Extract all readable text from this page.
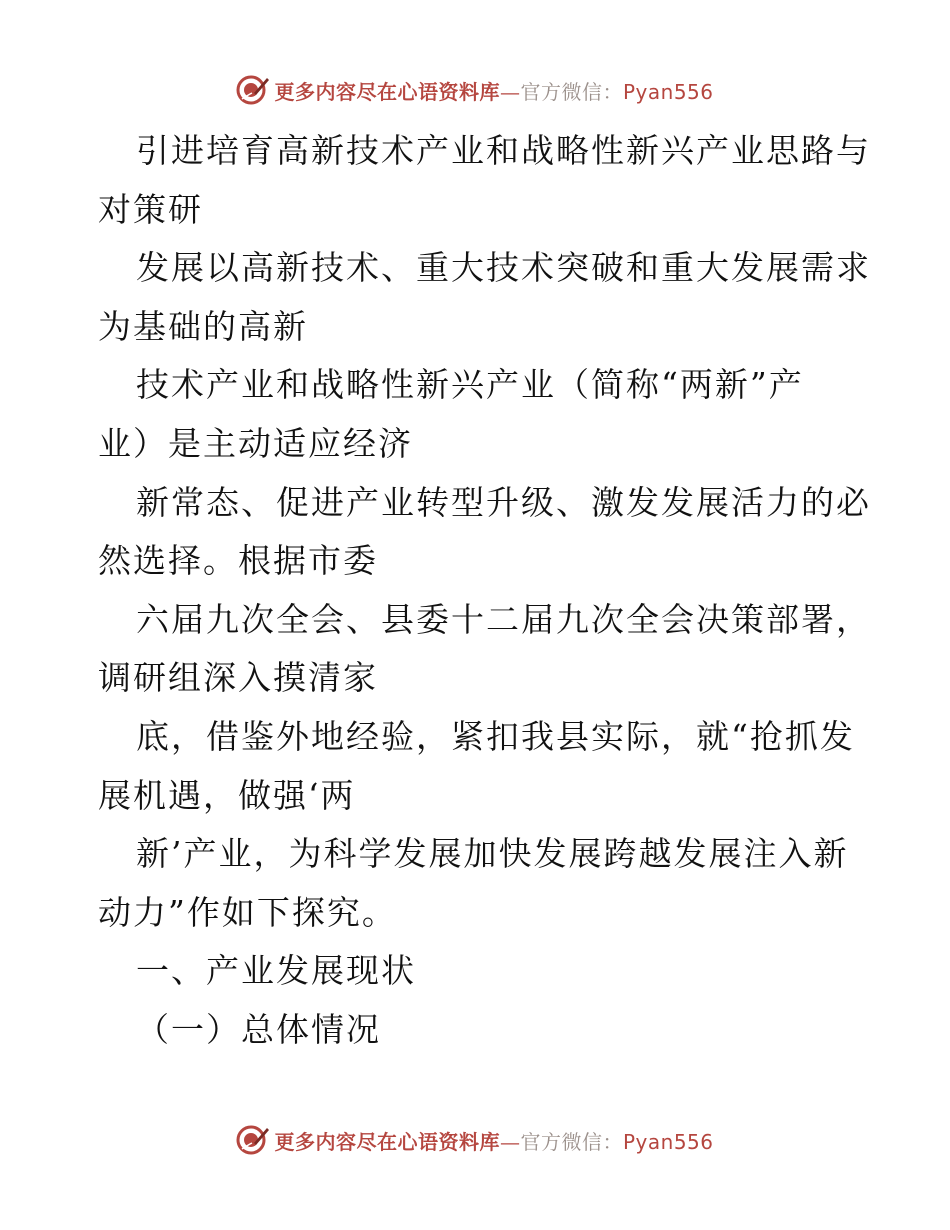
更多内容尽在心语资料库—官方微信：Pyan556
引进培育高新技术产业和战略性新兴产业思路与
对策研
发展以高新技术、重大技术突破和重大发展需求
为基础的高新
技术产业和战略性新兴产业（简称“两新”产
业）是主动适应经济
新常态、促进产业转型升级、激发发展活力的必
然选择。根据市委
六届九次全会、县委十二届九次全会决策部署，
调研组深入摸清家
底，借鉴外地经验，紧扣我县实际，就“抢抓发
展机遇，做强‘两
新’产业，为科学发展加快发展跨越发展注入新
动力”作如下探究。
一、产业发展现状
（一）总体情况
更多内容尽在心语资料库—官方微信：Pyan556
